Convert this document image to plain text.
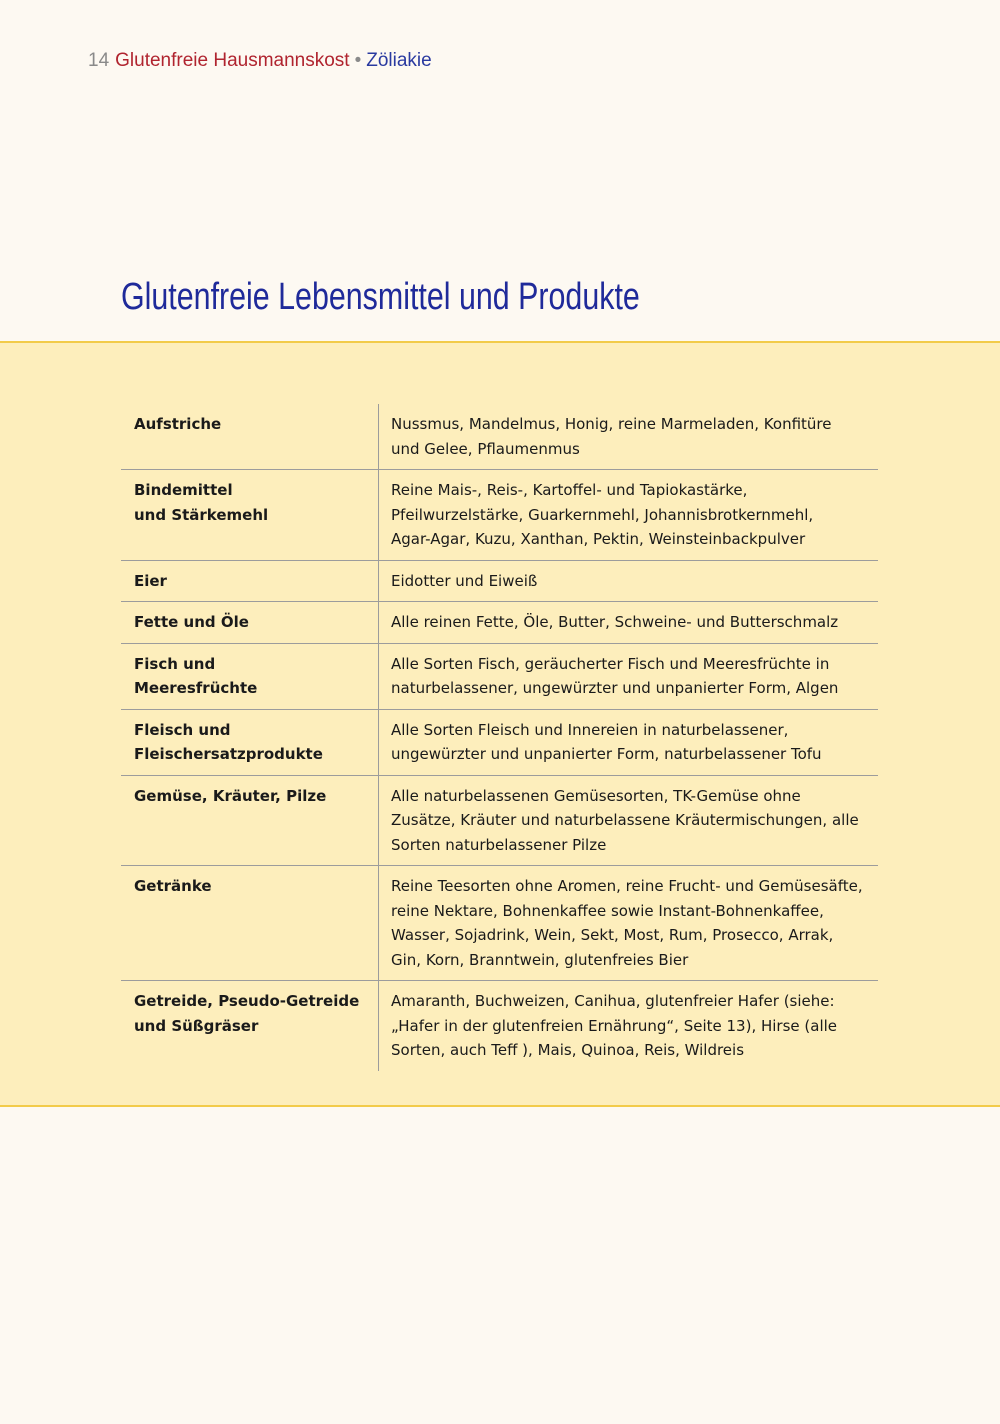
14 Glutenfreie Hausmannskost • Zöliakie
Glutenfreie Lebensmittel und Produkte
Aufstriche	Nussmus, Mandelmus, Honig, reine Marmeladen, Konfitüre
und Gelee, Pflaumenmus

Bindemittel
und Stärkemehl	Reine Mais-, Reis-, Kartoffel- und Tapiokastärke,
Pfeilwurzelstärke, Guarkernmehl, Johannisbrotkernmehl,
Agar-Agar, Kuzu, Xanthan, Pektin, Weinsteinbackpulver

Eier	Eidotter und Eiweiß

Fette und Öle	Alle reinen Fette, Öle, Butter, Schweine- und Butterschmalz

Fisch und
Meeresfrüchte	Alle Sorten Fisch, geräucherter Fisch und Meeresfrüchte in
naturbelassener, ungewürzter und unpanierter Form, Algen

Fleisch und
Fleischersatzprodukte	Alle Sorten Fleisch und Innereien in naturbelassener,
ungewürzter und unpanierter Form, naturbelassener Tofu

Gemüse, Kräuter, Pilze	Alle naturbelassenen Gemüsesorten, TK-Gemüse ohne
Zusätze, Kräuter und naturbelassene Kräutermischungen, alle
Sorten naturbelassener Pilze

Getränke	Reine Teesorten ohne Aromen, reine Frucht- und Gemüsesäfte,
reine Nektare, Bohnenkaffee sowie Instant-Bohnenkaffee,
Wasser, Sojadrink, Wein, Sekt, Most, Rum, Prosecco, Arrak,
Gin, Korn, Branntwein, glutenfreies Bier

Getreide, Pseudo-Getreide
und Süßgräser	Amaranth, Buchweizen, Canihua, glutenfreier Hafer (siehe:
„Hafer in der glutenfreien Ernährung“, Seite 13), Hirse (alle
Sorten, auch Teff ), Mais, Quinoa, Reis, Wildreis
